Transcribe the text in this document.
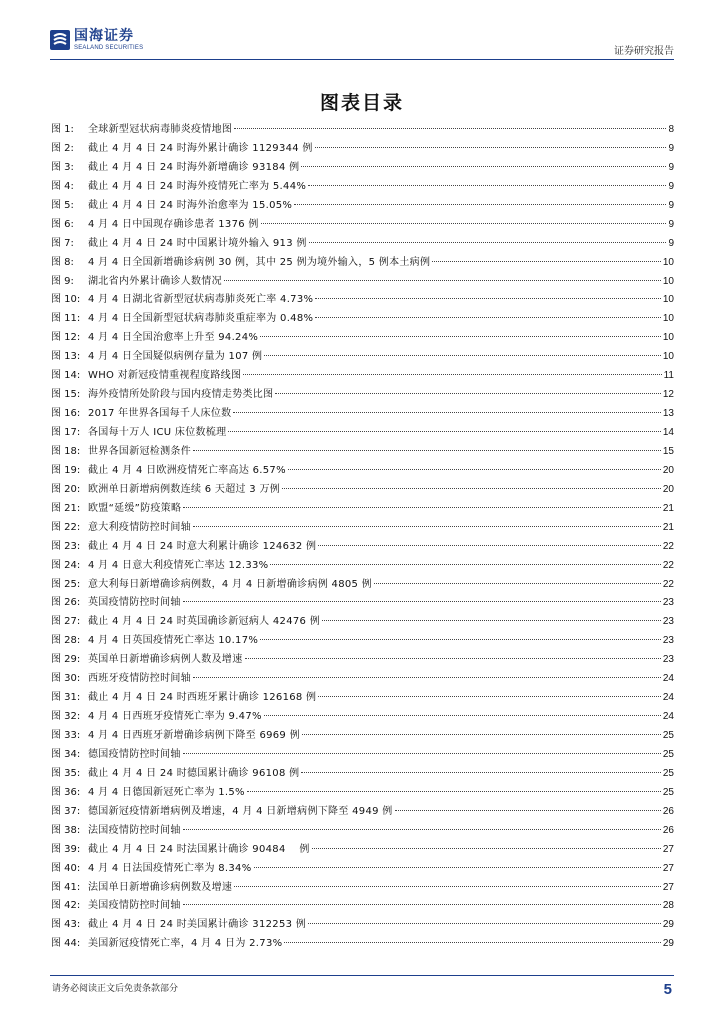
国海证券
SEALAND SECURITIES	证券研究报告
图表目录
图 1:	全球新型冠状病毒肺炎疫情地图	8
图 2:	截止 4 月 4 日 24 时海外累计确诊 1129344 例	9
图 3:	截止 4 月 4 日 24 时海外新增确诊 93184 例	9
图 4:	截止 4 月 4 日 24 时海外疫情死亡率为 5.44%	9
图 5:	截止 4 月 4 日 24 时海外治愈率为 15.05%	9
图 6:	4 月 4 日中国现存确诊患者 1376 例	9
图 7:	截止 4 月 4 日 24 时中国累计境外输入 913 例	9
图 8:	4 月 4 日全国新增确诊病例 30 例，其中 25 例为境外输入，5 例本土病例	10
图 9:	湖北省内外累计确诊人数情况	10
图 10: 4 月 4 日湖北省新型冠状病毒肺炎死亡率 4.73%	10
图 11: 4 月 4 日全国新型冠状病毒肺炎重症率为 0.48%	10
图 12: 4 月 4 日全国治愈率上升至 94.24%	10
图 13: 4 月 4 日全国疑似病例存量为 107 例	10
图 14: WHO 对新冠疫情重视程度路线图	11
图 15: 海外疫情所处阶段与国内疫情走势类比图	12
图 16: 2017 年世界各国每千人床位数	13
图 17: 各国每十万人 ICU 床位数梳理	14
图 18: 世界各国新冠检测条件	15
图 19: 截止 4 月 4 日欧洲疫情死亡率高达 6.57%	20
图 20: 欧洲单日新增病例数连续 6 天超过 3 万例	20
图 21: 欧盟“延缓”防疫策略	21
图 22: 意大利疫情防控时间轴	21
图 23: 截止 4 月 4 日 24 时意大利累计确诊 124632 例	22
图 24: 4 月 4 日意大利疫情死亡率达 12.33%	22
图 25: 意大利每日新增确诊病例数，4 月 4 日新增确诊病例 4805 例	22
图 26: 英国疫情防控时间轴	23
图 27: 截止 4 月 4 日 24 时英国确诊新冠病人 42476 例	23
图 28: 4 月 4 日英国疫情死亡率达 10.17%	23
图 29: 英国单日新增确诊病例人数及增速	23
图 30: 西班牙疫情防控时间轴	24
图 31: 截止 4 月 4 日 24 时西班牙累计确诊 126168 例	24
图 32: 4 月 4 日西班牙疫情死亡率为 9.47%	24
图 33: 4 月 4 日西班牙新增确诊病例下降至 6969 例	25
图 34: 德国疫情防控时间轴	25
图 35: 截止 4 月 4 日 24 时德国累计确诊 96108 例	25
图 36: 4 月 4 日德国新冠死亡率为 1.5%	25
图 37: 德国新冠疫情新增病例及增速，4 月 4 日新增病例下降至 4949 例	26
图 38: 法国疫情防控时间轴	26
图 39: 截止 4 月 4 日 24 时法国累计确诊 90484　 例	27
图 40: 4 月 4 日法国疫情死亡率为 8.34%	27
图 41: 法国单日新增确诊病例数及增速	27
图 42: 美国疫情防控时间轴	28
图 43: 截止 4 月 4 日 24 时美国累计确诊 312253 例	29
图 44: 美国新冠疫情死亡率，4 月 4 日为 2.73%	29
请务必阅读正文后免责条款部分	5
